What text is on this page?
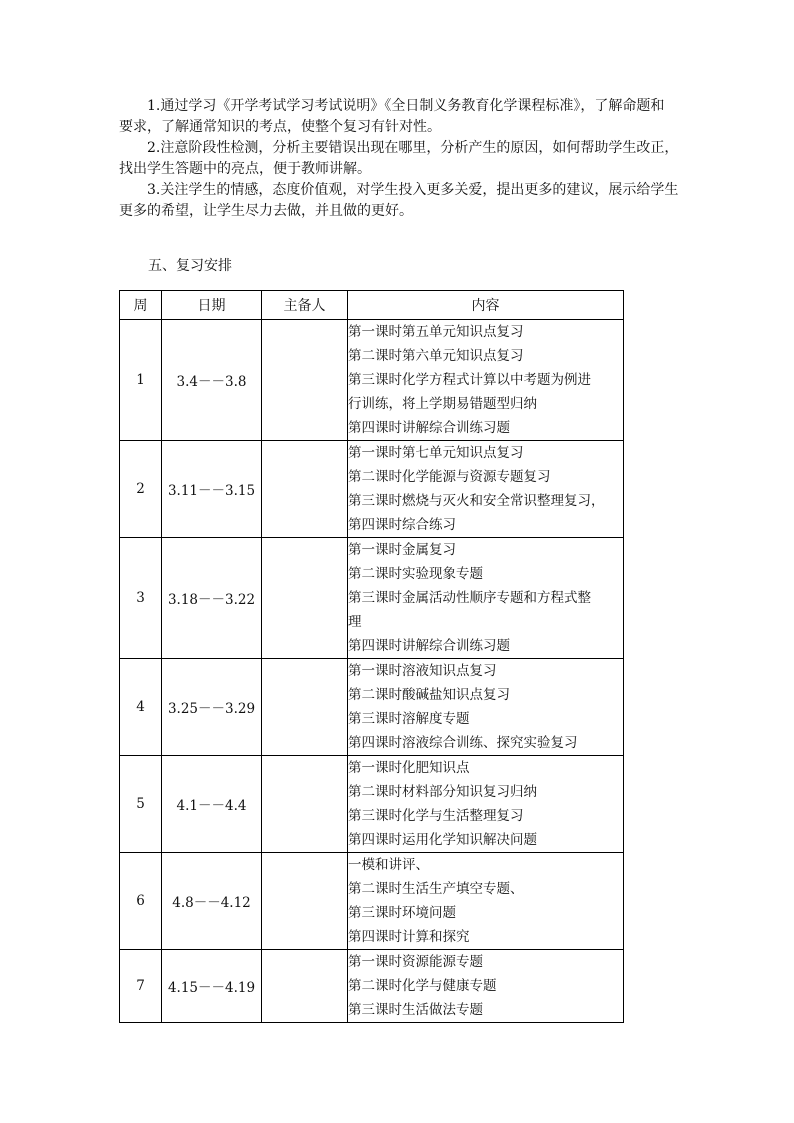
1.通过学习《开学考试学习考试说明》《全日制义务教育化学课程标准》，了解命题和
要求，了解通常知识的考点，使整个复习有针对性。

2.注意阶段性检测，分析主要错误出现在哪里，分析产生的原因，如何帮助学生改正，
找出学生答题中的亮点，便于教师讲解。

3.关注学生的情感，态度价值观，对学生投入更多关爱，提出更多的建议，展示给学生
更多的希望，让学生尽力去做，并且做的更好。

五、复习安排

周	日期	主备人	内容
1	3.4－－3.8		第一课时第五单元知识点复习
第二课时第六单元知识点复习
第三课时化学方程式计算以中考题为例进
行训练，将上学期易错题型归纳
第四课时讲解综合训练习题

2	3.11－－3.15		第一课时第七单元知识点复习
第二课时化学能源与资源专题复习
第三课时燃烧与灭火和安全常识整理复习，
第四课时综合练习

3	3.18－－3.22		第一课时金属复习
第二课时实验现象专题
第三课时金属活动性顺序专题和方程式整
理
第四课时讲解综合训练习题

4	3.25－－3.29		第一课时溶液知识点复习
第二课时酸碱盐知识点复习
第三课时溶解度专题
第四课时溶液综合训练、探究实验复习

5	4.1－－4.4		第一课时化肥知识点
第二课时材料部分知识复习归纳
第三课时化学与生活整理复习
第四课时运用化学知识解决问题

6	4.8－－4.12		一模和讲评、
第二课时生活生产填空专题、
第三课时环境问题
第四课时计算和探究

7	4.15－－4.19		第一课时资源能源专题
第二课时化学与健康专题
第三课时生活做法专题
